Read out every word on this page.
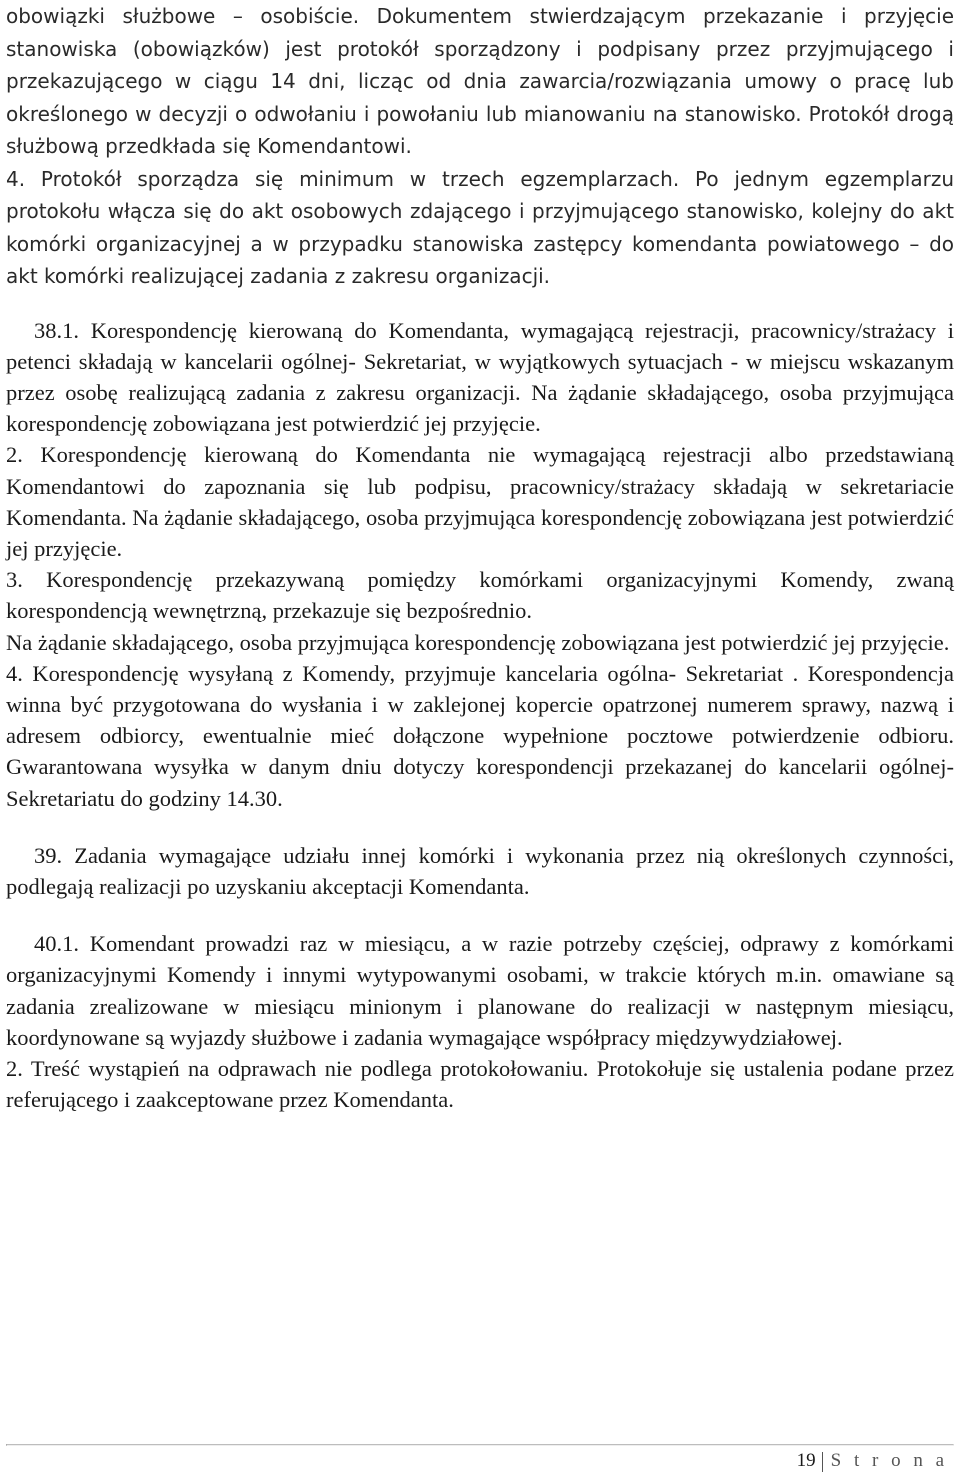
obowiązki służbowe – osobiście. Dokumentem stwierdzającym przekazanie i przyjęcie stanowiska (obowiązków) jest protokół sporządzony i podpisany przez przyjmującego i przekazującego w ciągu 14 dni, licząc od dnia zawarcia/rozwiązania umowy o pracę lub określonego w decyzji o odwołaniu i powołaniu lub mianowaniu na stanowisko. Protokół drogą służbową przedkłada się Komendantowi.

4. Protokół sporządza się minimum w trzech egzemplarzach. Po jednym egzemplarzu protokołu włącza się do akt osobowych zdającego i przyjmującego stanowisko, kolejny do akt komórki organizacyjnej a w przypadku stanowiska zastępcy komendanta powiatowego – do akt komórki realizującej zadania z zakresu organizacji.

38.1. Korespondencję kierowaną do Komendanta, wymagającą rejestracji, pracownicy/strażacy i petenci składają w kancelarii ogólnej- Sekretariat, w wyjątkowych sytuacjach - w miejscu wskazanym przez osobę realizującą zadania z zakresu organizacji. Na żądanie składającego, osoba przyjmująca korespondencję zobowiązana jest potwierdzić jej przyjęcie.

2. Korespondencję kierowaną do Komendanta nie wymagającą rejestracji albo przedstawianą Komendantowi do zapoznania się lub podpisu, pracownicy/strażacy składają w sekretariacie Komendanta. Na żądanie składającego, osoba przyjmująca korespondencję zobowiązana jest potwierdzić jej przyjęcie.

3. Korespondencję przekazywaną pomiędzy komórkami organizacyjnymi Komendy, zwaną korespondencją wewnętrzną, przekazuje się bezpośrednio.

Na żądanie składającego, osoba przyjmująca korespondencję zobowiązana jest potwierdzić jej przyjęcie.

4. Korespondencję wysyłaną z Komendy, przyjmuje kancelaria ogólna- Sekretariat . Korespondencja winna być przygotowana do wysłania i w zaklejonej kopercie opatrzonej numerem sprawy, nazwą i adresem odbiorcy, ewentualnie mieć dołączone wypełnione pocztowe potwierdzenie odbioru. Gwarantowana wysyłka w danym dniu dotyczy korespondencji przekazanej do kancelarii ogólnej- Sekretariatu do godziny 14.30.

39. Zadania wymagające udziału innej komórki i wykonania przez nią określonych czynności, podlegają realizacji po uzyskaniu akceptacji Komendanta.

40.1. Komendant prowadzi raz w miesiącu, a w razie potrzeby częściej, odprawy z komórkami organizacyjnymi Komendy i innymi wytypowanymi osobami, w trakcie których m.in. omawiane są zadania zrealizowane w miesiącu minionym i planowane do realizacji w następnym miesiącu, koordynowane są wyjazdy służbowe i zadania wymagające współpracy międzywydziałowej.

2. Treść wystąpień na odprawach nie podlega protokołowaniu. Protokołuje się ustalenia podane przez referującego i zaakceptowane przez Komendanta.

19 S t r o n a
